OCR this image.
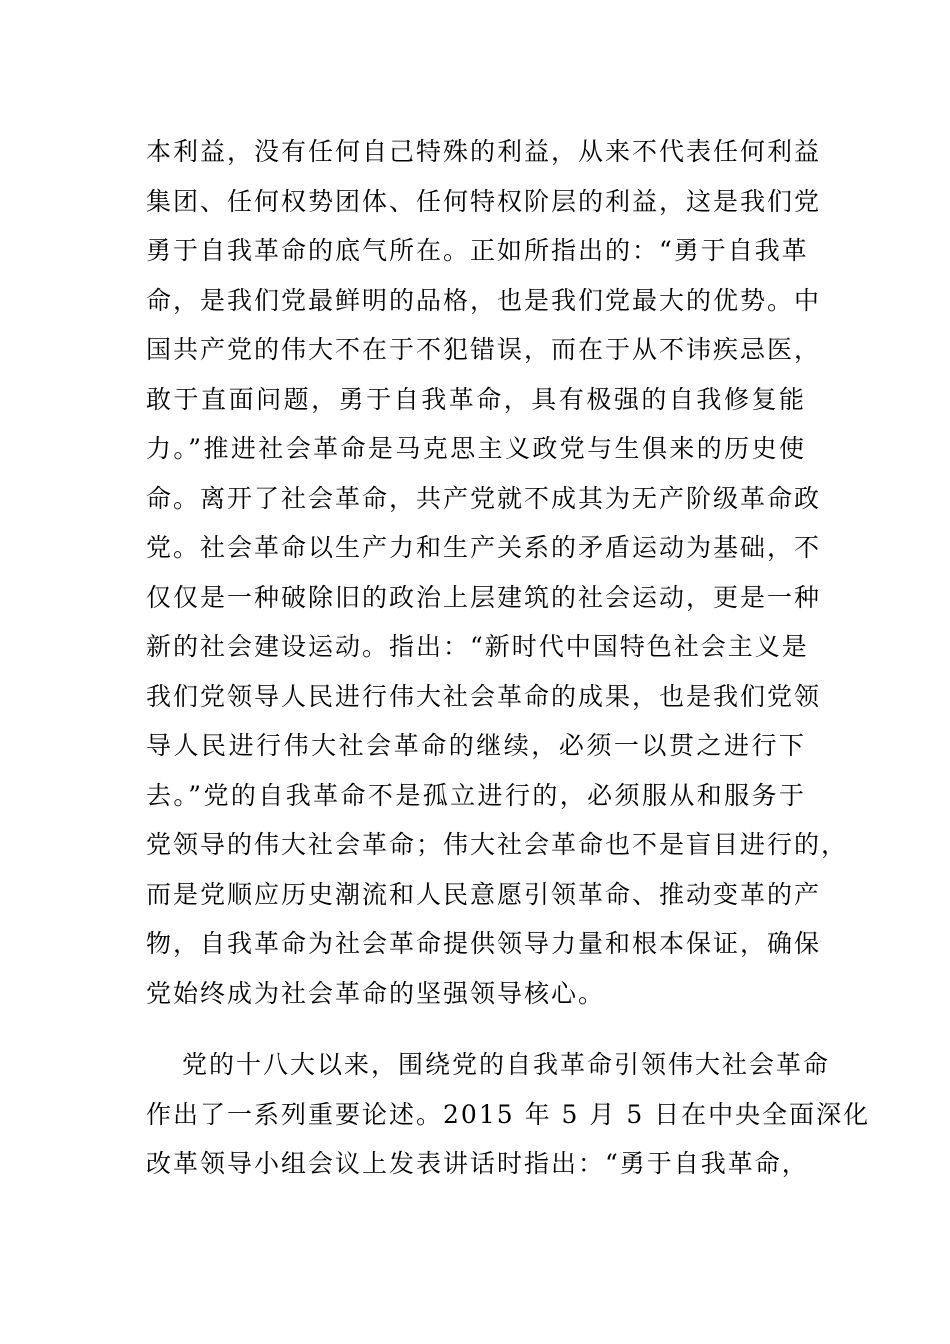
本利益，没有任何自己特殊的利益，从来不代表任何利益
集团、任何权势团体、任何特权阶层的利益，这是我们党
勇于自我革命的底气所在。正如所指出的：“勇于自我革
命，是我们党最鲜明的品格，也是我们党最大的优势。中
国共产党的伟大不在于不犯错误，而在于从不讳疾忌医，
敢于直面问题，勇于自我革命，具有极强的自我修复能
力。”推进社会革命是马克思主义政党与生俱来的历史使
命。离开了社会革命，共产党就不成其为无产阶级革命政
党。社会革命以生产力和生产关系的矛盾运动为基础，不
仅仅是一种破除旧的政治上层建筑的社会运动，更是一种
新的社会建设运动。指出：“新时代中国特色社会主义是
我们党领导人民进行伟大社会革命的成果，也是我们党领
导人民进行伟大社会革命的继续，必须一以贯之进行下
去。”党的自我革命不是孤立进行的，必须服从和服务于
党领导的伟大社会革命；伟大社会革命也不是盲目进行的，
而是党顺应历史潮流和人民意愿引领革命、推动变革的产
物，自我革命为社会革命提供领导力量和根本保证，确保
党始终成为社会革命的坚强领导核心。
党的十八大以来，围绕党的自我革命引领伟大社会革命
作出了一系列重要论述。2015 年 5 月 5 日在中央全面深化
改革领导小组会议上发表讲话时指出：“勇于自我革命，
